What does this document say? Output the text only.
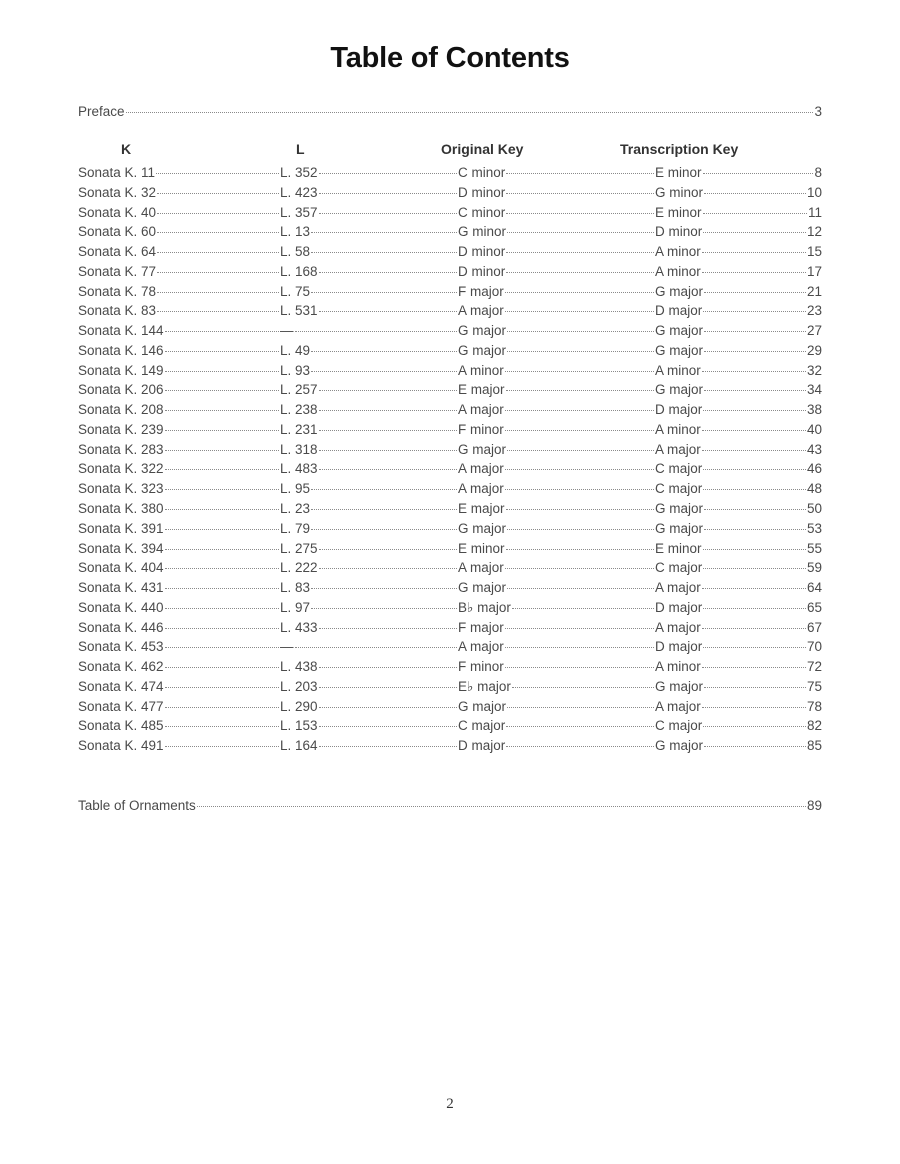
Table of Contents
Preface	3
K	L	Original Key	Transcription Key
Sonata K. 11	L. 352	C minor	E minor	8
Sonata K. 32	L. 423	D minor	G minor	10
Sonata K. 40	L. 357	C minor	E minor	11
Sonata K. 60	L. 13	G minor	D minor	12
Sonata K. 64	L. 58	D minor	A minor	15
Sonata K. 77	L. 168	D minor	A minor	17
Sonata K. 78	L. 75	F major	G major	21
Sonata K. 83	L. 531	A major	D major	23
Sonata K. 144	—	G major	G major	27
Sonata K. 146	L. 49	G major	G major	29
Sonata K. 149	L. 93	A minor	A minor	32
Sonata K. 206	L. 257	E major	G major	34
Sonata K. 208	L. 238	A major	D major	38
Sonata K. 239	L. 231	F minor	A minor	40
Sonata K. 283	L. 318	G major	A major	43
Sonata K. 322	L. 483	A major	C major	46
Sonata K. 323	L. 95	A major	C major	48
Sonata K. 380	L. 23	E major	G major	50
Sonata K. 391	L. 79	G major	G major	53
Sonata K. 394	L. 275	E minor	E minor	55
Sonata K. 404	L. 222	A major	C major	59
Sonata K. 431	L. 83	G major	A major	64
Sonata K. 440	L. 97	B♭ major	D major	65
Sonata K. 446	L. 433	F major	A major	67
Sonata K. 453	—	A major	D major	70
Sonata K. 462	L. 438	F minor	A minor	72
Sonata K. 474	L. 203	E♭ major	G major	75
Sonata K. 477	L. 290	G major	A major	78
Sonata K. 485	L. 153	C major	C major	82
Sonata K. 491	L. 164	D major	G major	85
Table of Ornaments	89
2
